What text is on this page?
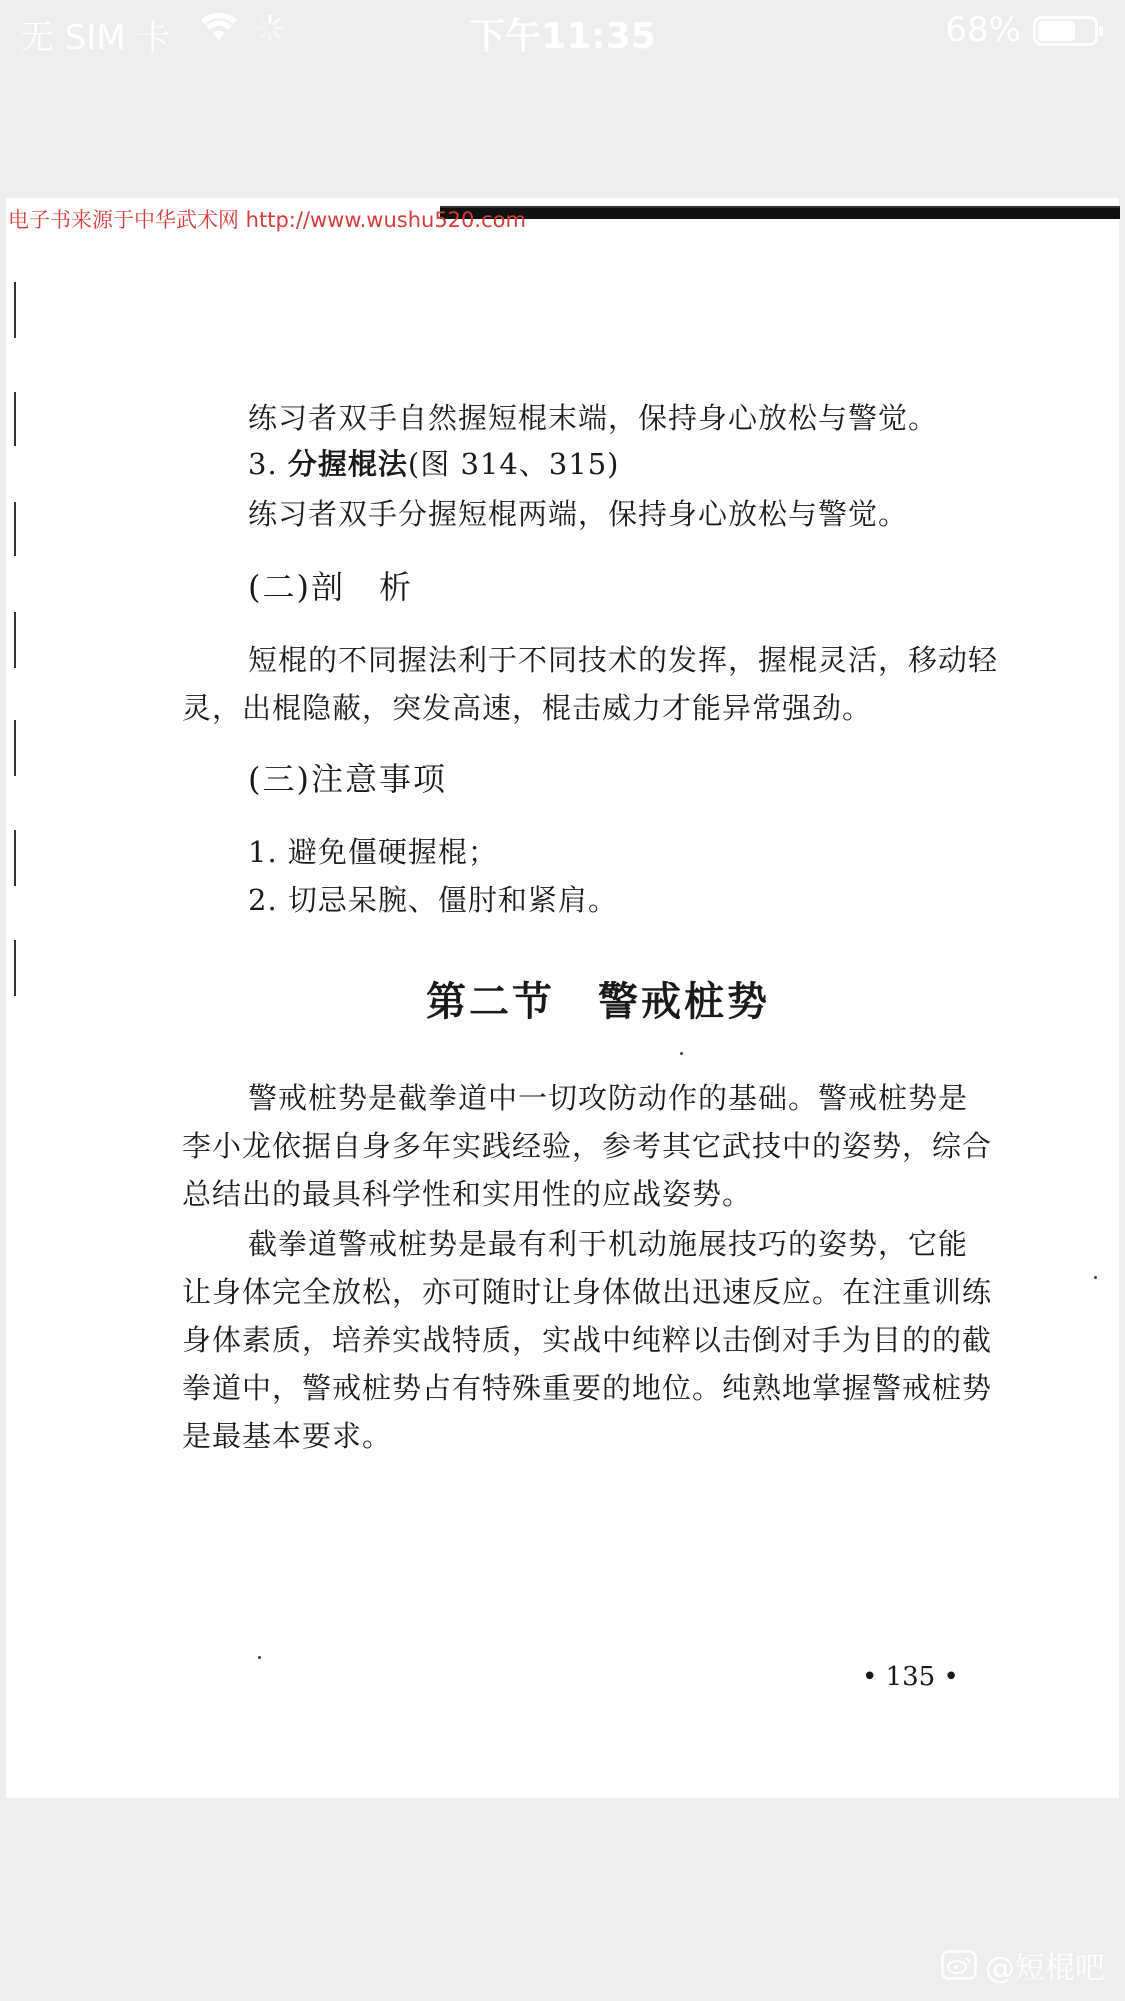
无 SIM 卡	下午11:35	68%
电子书来源于中华武术网 http://www.wushu520.com
练习者双手自然握短棍末端，保持身心放松与警觉。
3. 分握棍法(图 314、315)
练习者双手分握短棍两端，保持身心放松与警觉。
(二)剖　析
短棍的不同握法利于不同技术的发挥，握棍灵活，移动轻
灵，出棍隐蔽，突发高速，棍击威力才能异常强劲。
(三)注意事项
1. 避免僵硬握棍；
2. 切忌呆腕、僵肘和紧肩。
第二节　警戒桩势
警戒桩势是截拳道中一切攻防动作的基础。警戒桩势是
李小龙依据自身多年实践经验，参考其它武技中的姿势，综合
总结出的最具科学性和实用性的应战姿势。
截拳道警戒桩势是最有利于机动施展技巧的姿势，它能
让身体完全放松，亦可随时让身体做出迅速反应。在注重训练
身体素质，培养实战特质，实战中纯粹以击倒对手为目的的截
拳道中，警戒桩势占有特殊重要的地位。纯熟地掌握警戒桩势
是最基本要求。
• 135 •
@短棍吧
